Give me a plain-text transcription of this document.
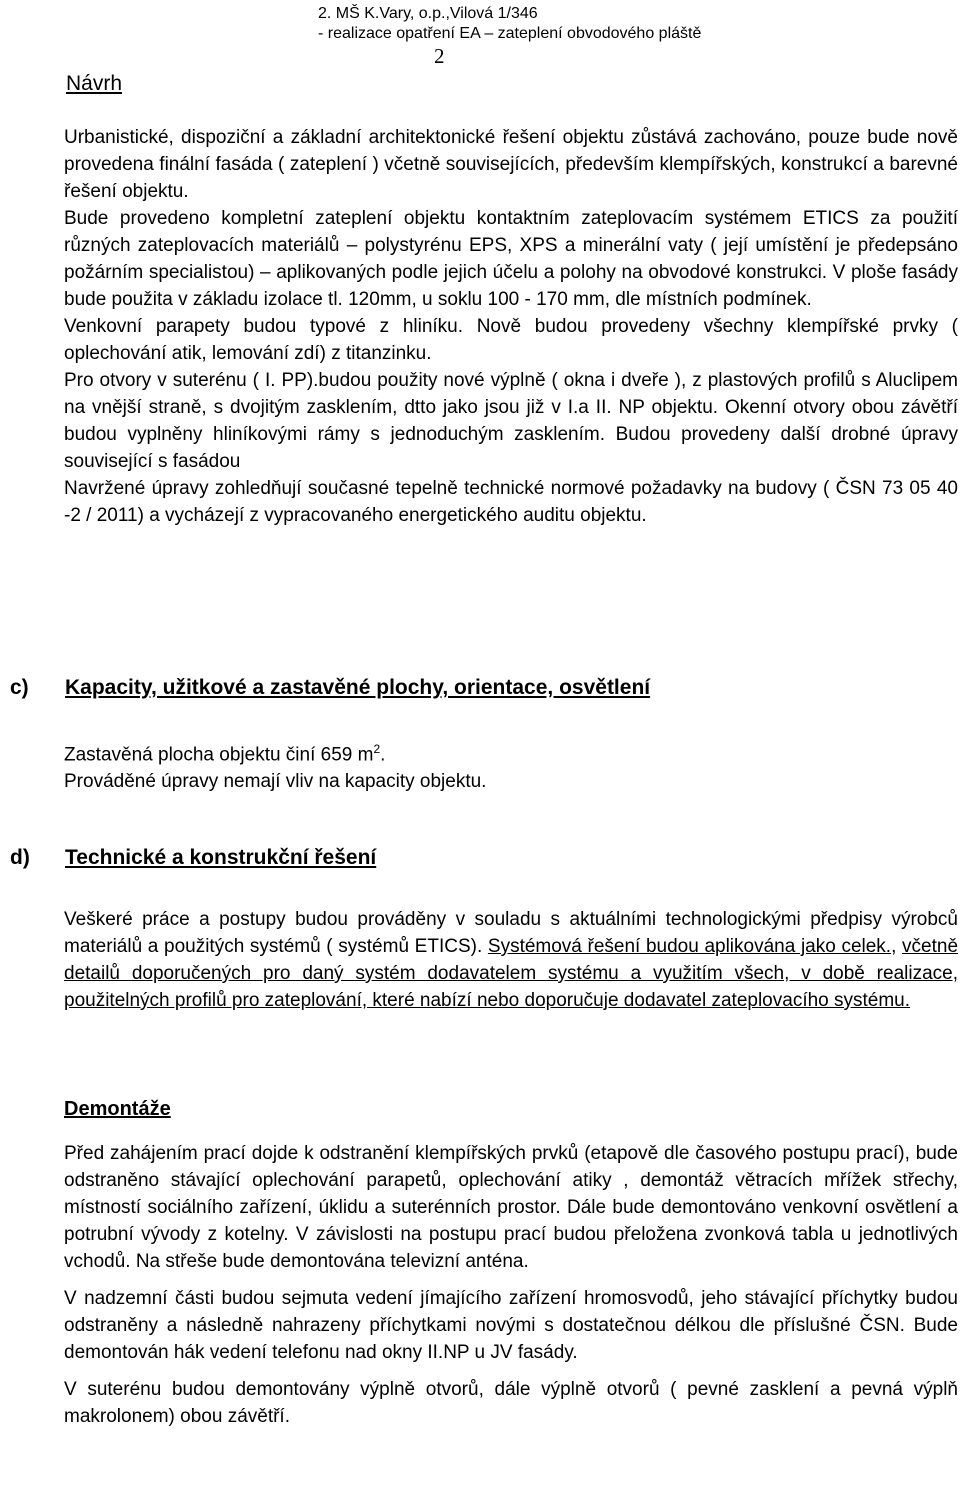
2. MŠ K.Vary, o.p.,Vilová 1/346
- realizace opatření EA – zateplení obvodového pláště
2
Návrh

Urbanistické, dispoziční a základní architektonické řešení objektu zůstává zachováno, pouze bude nově provedena finální fasáda ( zateplení ) včetně souvisejících, především klempířských, konstrukcí a barevné řešení objektu.

Bude provedeno kompletní zateplení objektu kontaktním zateplovacím systémem ETICS za použití různých zateplovacích materiálů – polystyrénu EPS, XPS a minerální vaty ( její umístění je předepsáno požárním specialistou) – aplikovaných podle jejich účelu a polohy na obvodové konstrukci. V ploše fasády bude použita v základu izolace tl. 120mm, u soklu 100 - 170 mm, dle místních podmínek.

Venkovní parapety budou typové z hliníku. Nově budou provedeny všechny klempířské prvky ( oplechování atik, lemování zdí) z titanzinku.

Pro otvory v suterénu ( I. PP).budou použity nové výplně ( okna i dveře ), z plastových profilů s Aluclipem na vnější straně, s dvojitým zasklením, dtto jako jsou již v I.a II. NP objektu. Okenní otvory obou závětří budou vyplněny hliníkovými rámy s jednoduchým zasklením. Budou provedeny další drobné úpravy související s fasádou

Navržené úpravy zohledňují současné tepelně technické normové požadavky na budovy ( ČSN 73 05 40 -2 / 2011) a vycházejí z vypracovaného energetického auditu objektu.

c) Kapacity, užitkové a zastavěné plochy, orientace, osvětlení

Zastavěná plocha objektu činí 659 $m^2$.

Prováděné úpravy nemají vliv na kapacity objektu.

d) Technické a konstrukční řešení

Veškeré práce a postupy budou prováděny v souladu s aktuálními technologickými předpisy výrobců materiálů a použitých systémů ( systémů ETICS). Systémová řešení budou aplikována jako celek., včetně detailů doporučených pro daný systém dodavatelem systému a využitím všech, v době realizace, použitelných profilů pro zateplování, které nabízí nebo doporučuje dodavatel zateplovacího systému.

Demontáže

Před zahájením prací dojde k odstranění klempířských prvků (etapově dle časového postupu prací), bude odstraněno stávající oplechování parapetů, oplechování atiky , demontáž větracích mřížek střechy, místností sociálního zařízení, úklidu a suterénních prostor. Dále bude demontováno venkovní osvětlení a potrubní vývody z kotelny. V závislosti na postupu prací budou přeložena zvonková tabla u jednotlivých vchodů. Na střeše bude demontována televizní anténa.

V nadzemní části budou sejmuta vedení jímajícího zařízení hromosvodů, jeho stávající příchytky budou odstraněny a následně nahrazeny příchytkami novými s dostatečnou délkou dle příslušné ČSN. Bude demontován hák vedení telefonu nad okny II.NP u JV fasády.

V suterénu budou demontovány výplně otvorů, dále výplně otvorů ( pevné zasklení a pevná výplň makrolonem) obou závětří.
